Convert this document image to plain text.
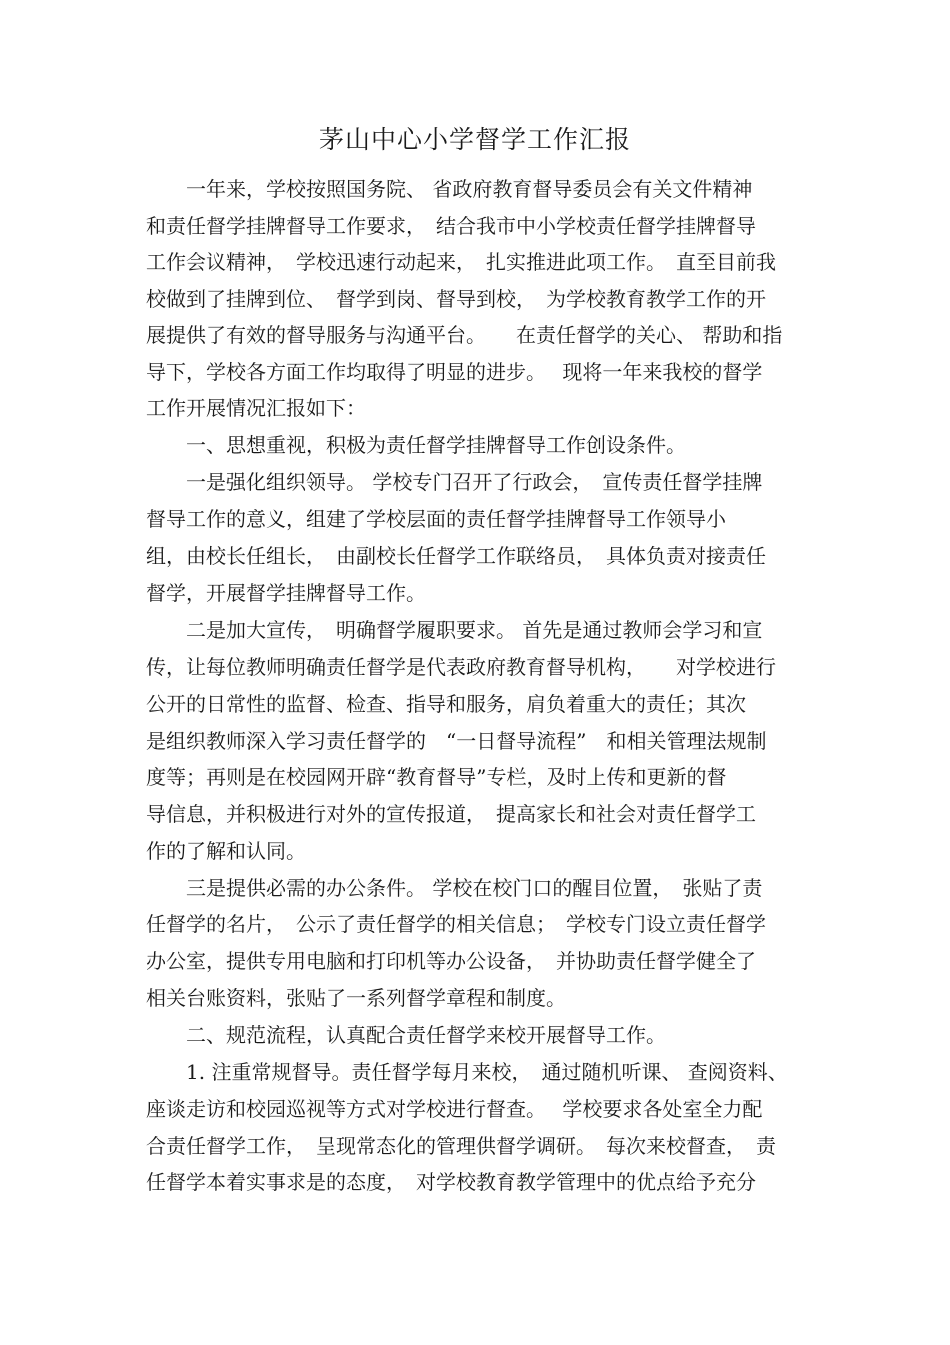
茅山中心小学督学工作汇报

　　一年来，学校按照国务院、 省政府教育督导委员会有关文件精神

和责任督学挂牌督导工作要求，　结合我市中小学校责任督学挂牌督导

工作会议精神，　学校迅速行动起来，　扎实推进此项工作。　直至目前我

校做到了挂牌到位、　督学到岗、督导到校，　为学校教育教学工作的开

展提供了有效的督导服务与沟通平台。　　在责任督学的关心、 帮助和指

导下，学校各方面工作均取得了明显的进步。　 现将一年来我校的督学

工作开展情况汇报如下：

　　一、思想重视，积极为责任督学挂牌督导工作创设条件。

　　一是强化组织领导。 学校专门召开了行政会，　宣传责任督学挂牌

督导工作的意义，组建了学校层面的责任督学挂牌督导工作领导小

组，由校长任组长，　由副校长任督学工作联络员，　具体负责对接责任

督学，开展督学挂牌督导工作。

　　二是加大宣传，　明确督学履职要求。 首先是通过教师会学习和宣

传，让每位教师明确责任督学是代表政府教育督导机构，　　对学校进行

公开的日常性的监督、检查、指导和服务，肩负着重大的责任；其次

是组织教师深入学习责任督学的　“一日督导流程”　和相关管理法规制

度等；再则是在校园网开辟“教育督导”专栏，及时上传和更新的督

导信息，并积极进行对外的宣传报道，　提高家长和社会对责任督学工

作的了解和认同。

　　三是提供必需的办公条件。 学校在校门口的醒目位置，　张贴了责

任督学的名片，　公示了责任督学的相关信息；　学校专门设立责任督学

办公室，提供专用电脑和打印机等办公设备，　并协助责任督学健全了

相关台账资料，张贴了一系列督学章程和制度。

　　二、规范流程，认真配合责任督学来校开展督导工作。

　　1. 注重常规督导。责任督学每月来校，　通过随机听课、 查阅资料、

座谈走访和校园巡视等方式对学校进行督查。　 学校要求各处室全力配

合责任督学工作，　呈现常态化的管理供督学调研。　每次来校督查，　责

任督学本着实事求是的态度，　对学校教育教学管理中的优点给予充分
